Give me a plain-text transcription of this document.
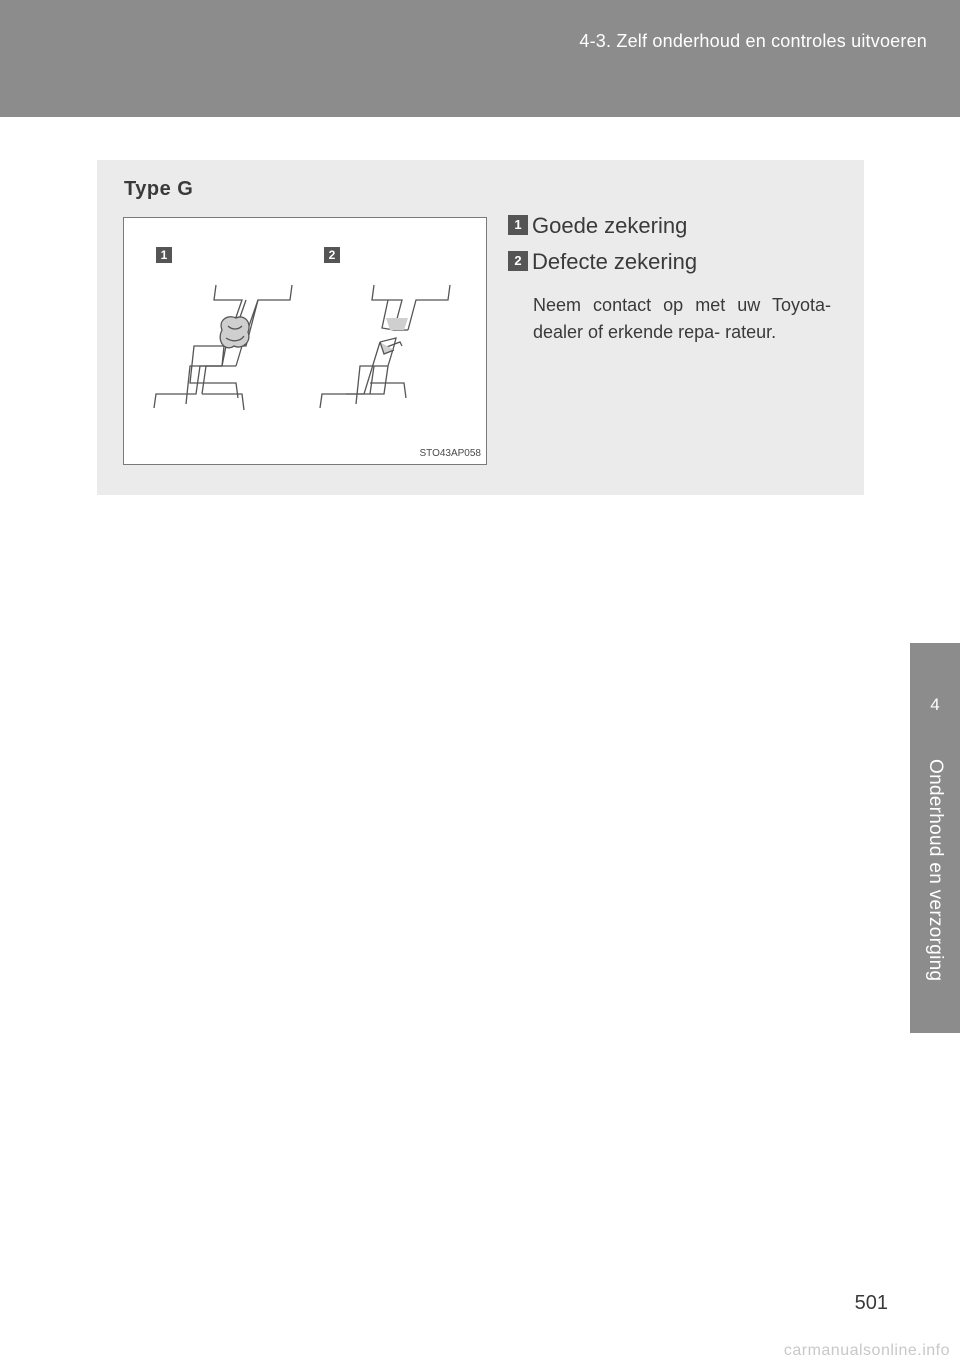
4-3. Zelf onderhoud en controles uitvoeren
4
Onderhoud en verzorging
Type G
1	2
STO43AP058
1 Goede zekering
2 Defecte zekering
Neem contact op met uw Toyota-dealer of erkende repa- rateur.
501
carmanualsonline.info
